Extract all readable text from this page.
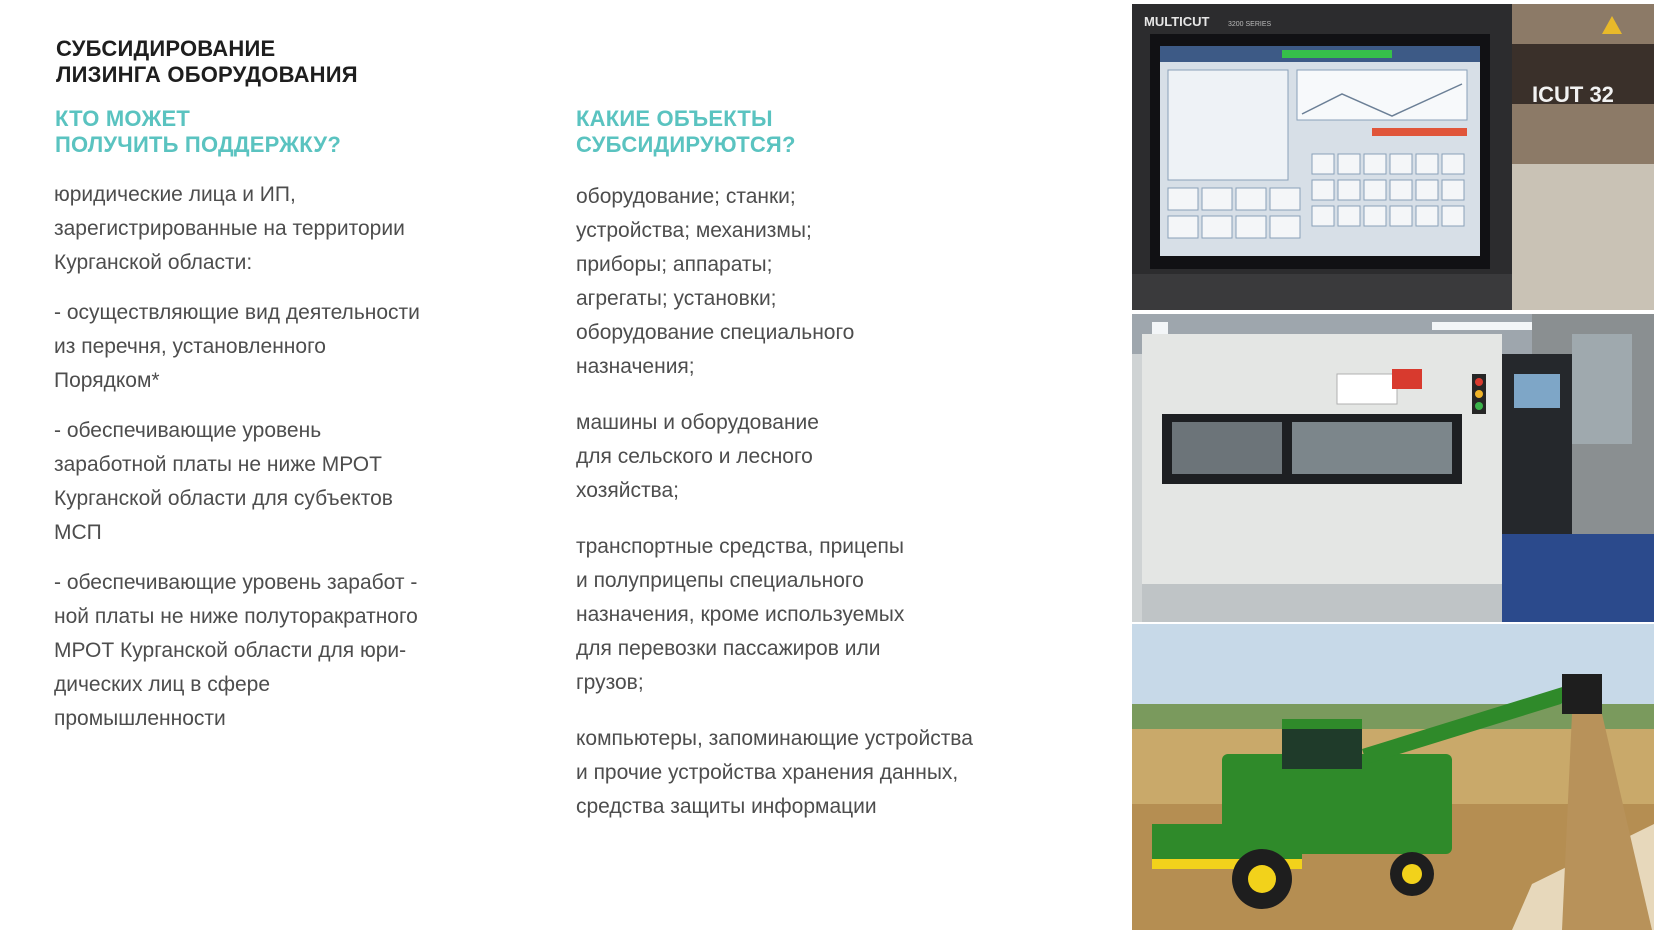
СУБСИДИРОВАНИЕ
ЛИЗИНГА ОБОРУДОВАНИЯ
КТО МОЖЕТ
ПОЛУЧИТЬ ПОДДЕРЖКУ?
КАКИЕ ОБЪЕКТЫ
СУБСИДИРУЮТСЯ?
юридические лица и ИП,
зарегистрированные на территории
Курганской области:
- осуществляющие вид деятельности
из перечня, установленного
Порядком*
- обеспечивающие уровень
заработной платы не ниже МРОТ
Курганской области для субъектов
МСП
- обеспечивающие уровень заработ -
ной платы не ниже полуторакратного
МРОТ Курганской области для юри-
дических лиц в сфере
промышленности
оборудование; станки;
устройства; механизмы;
приборы; аппараты;
агрегаты; установки;
оборудование специального
назначения;
машины и оборудование
для сельского и лесного
хозяйства;
транспортные средства, прицепы
и полуприцепы специального
назначения, кроме используемых
для перевозки пассажиров или
грузов;
компьютеры, запоминающие устройства
и прочие устройства хранения данных,
средства защиты информации
MULTICUT	3200 SERIES
ICUT 32
